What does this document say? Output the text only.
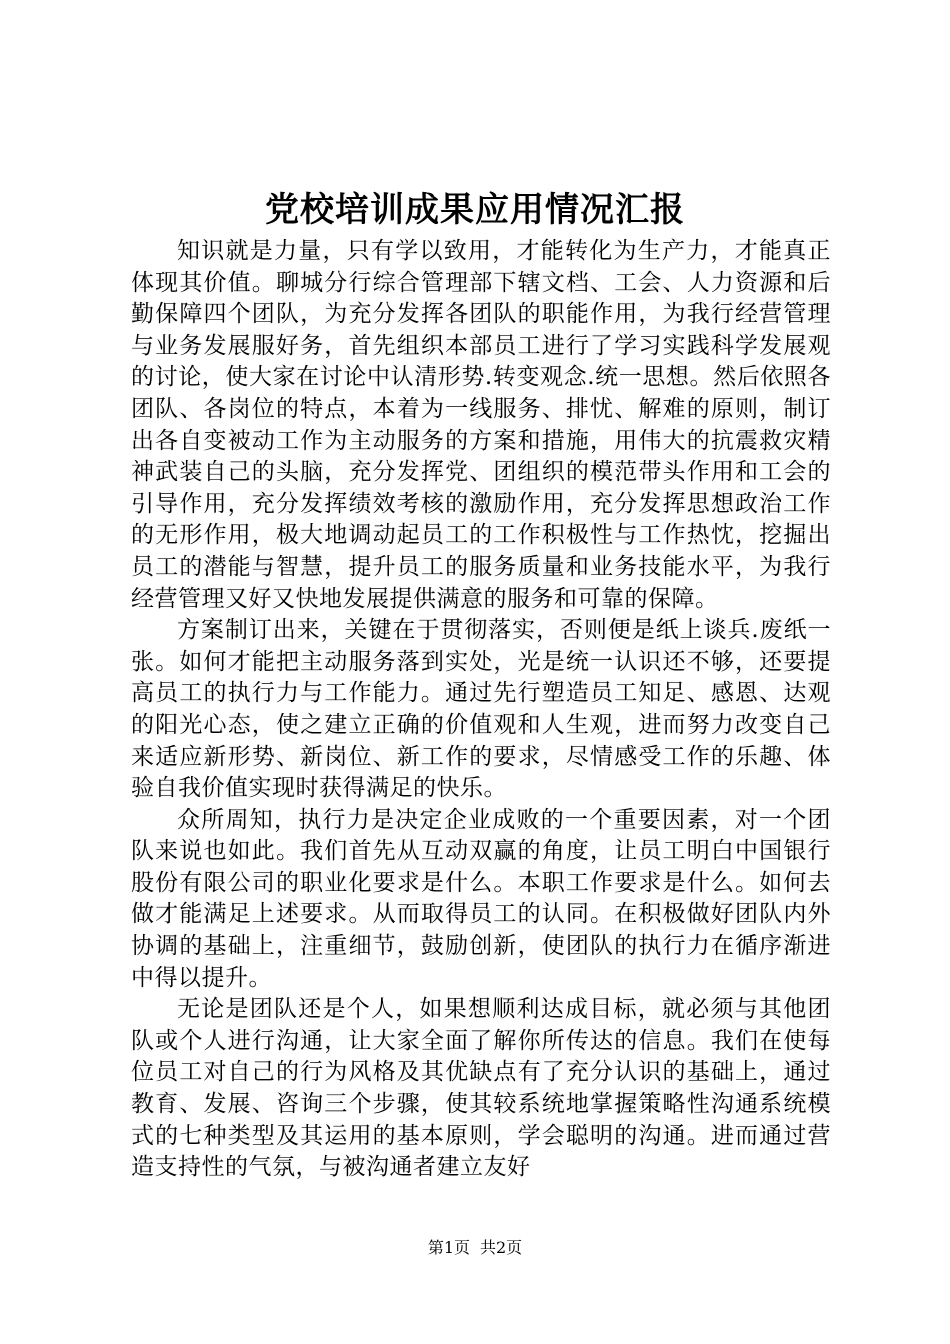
党校培训成果应用情况汇报

知识就是力量，只有学以致用，才能转化为生产力，才能真正体现其价值。聊城分行综合管理部下辖文档、工会、人力资源和后勤保障四个团队，为充分发挥各团队的职能作用，为我行经营管理与业务发展服好务，首先组织本部员工进行了学习实践科学发展观的讨论，使大家在讨论中认清形势.转变观念.统一思想。然后依照各团队、各岗位的特点，本着为一线服务、排忧、解难的原则，制订出各自变被动工作为主动服务的方案和措施，用伟大的抗震救灾精神武装自己的头脑，充分发挥党、团组织的模范带头作用和工会的引导作用，充分发挥绩效考核的激励作用，充分发挥思想政治工作的无形作用，极大地调动起员工的工作积极性与工作热忱，挖掘出员工的潜能与智慧，提升员工的服务质量和业务技能水平，为我行经营管理又好又快地发展提供满意的服务和可靠的保障。

方案制订出来，关键在于贯彻落实，否则便是纸上谈兵.废纸一张。如何才能把主动服务落到实处，光是统一认识还不够，还要提高员工的执行力与工作能力。通过先行塑造员工知足、感恩、达观的阳光心态，使之建立正确的价值观和人生观，进而努力改变自己来适应新形势、新岗位、新工作的要求，尽情感受工作的乐趣、体验自我价值实现时获得满足的快乐。

众所周知，执行力是决定企业成败的一个重要因素，对一个团队来说也如此。我们首先从互动双赢的角度，让员工明白中国银行股份有限公司的职业化要求是什么。本职工作要求是什么。如何去做才能满足上述要求。从而取得员工的认同。在积极做好团队内外协调的基础上，注重细节，鼓励创新，使团队的执行力在循序渐进中得以提升。

无论是团队还是个人，如果想顺利达成目标，就必须与其他团队或个人进行沟通，让大家全面了解你所传达的信息。我们在使每位员工对自己的行为风格及其优缺点有了充分认识的基础上，通过教育、发展、咨询三个步骤，使其较系统地掌握策略性沟通系统模式的七种类型及其运用的基本原则，学会聪明的沟通。进而通过营造支持性的气氛，与被沟通者建立友好

第1页 共2页
